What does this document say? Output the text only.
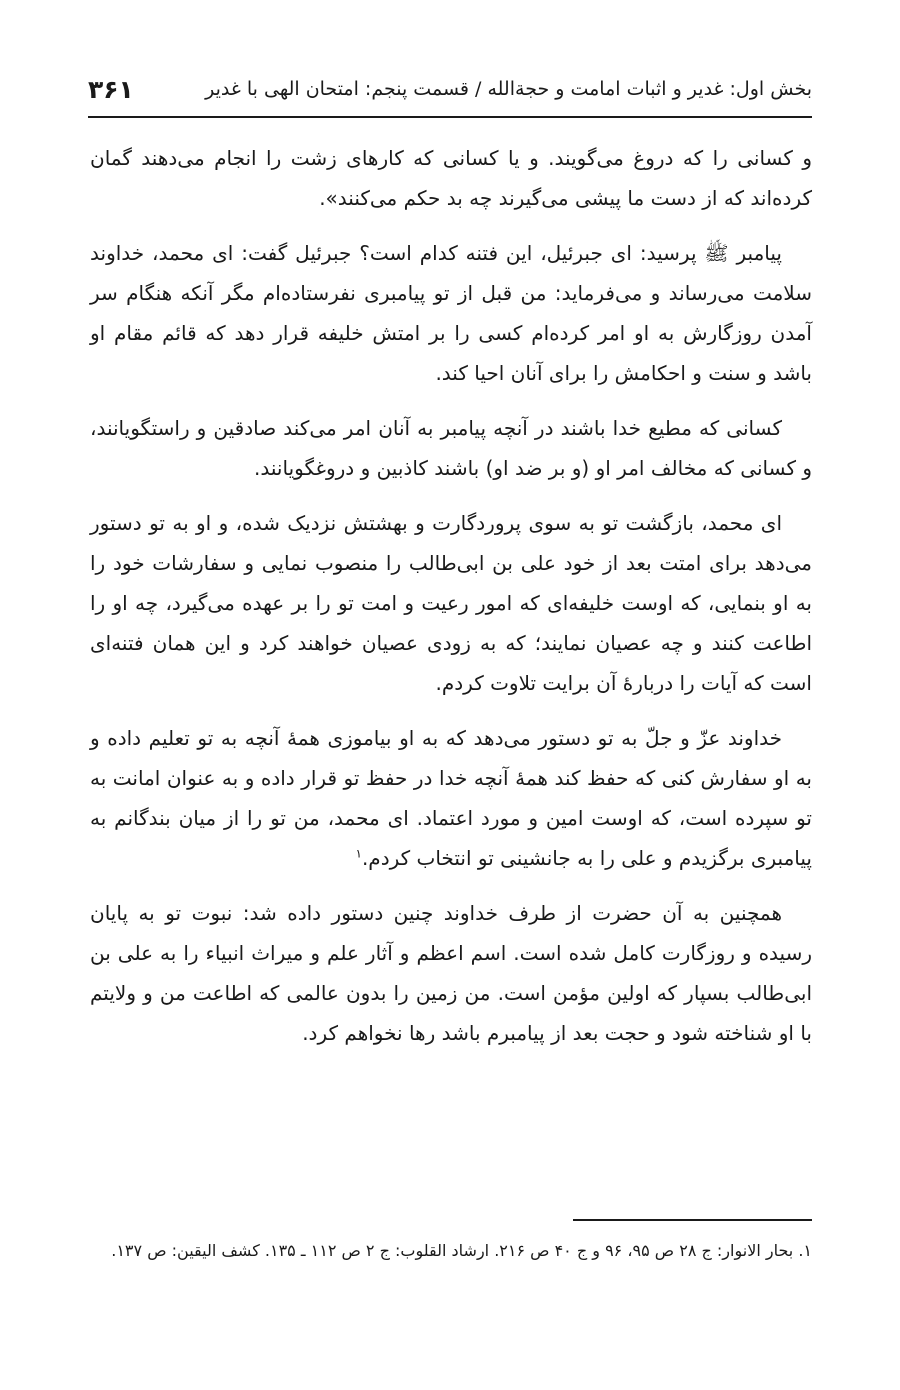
بخش اول: غدیر و اثبات امامت و حجةالله / قسمت پنجم: امتحان الهی با غدیر
۳۶۱

و کسانی را که دروغ می‌گویند. و یا کسانی که کارهای زشت را انجام می‌دهند گمان کرده‌اند که از دست ما پیشی می‌گیرند چه بد حکم می‌کنند».

پیامبر ﷺ پرسید: ای جبرئیل، این فتنه کدام است؟ جبرئیل گفت: ای محمد، خداوند سلامت می‌رساند و می‌فرماید: من قبل از تو پیامبری نفرستاده‌ام مگر آنکه هنگام سر آمدن روزگارش به او امر کرده‌ام کسی را بر امتش خلیفه قرار دهد که قائم مقام او باشد و سنت و احکامش را برای آنان احیا کند.

کسانی که مطیع خدا باشند در آنچه پیامبر به آنان امر می‌کند صادقین و راستگویانند، و کسانی که مخالف امر او (و بر ضد او) باشند کاذبین و دروغگویانند.

ای محمد، بازگشت تو به سوی پروردگارت و بهشتش نزدیک شده، و او به تو دستور می‌دهد برای امتت بعد از خود علی بن ابی‌طالب را منصوب نمایی و سفارشات خود را به او بنمایی، که اوست خلیفه‌ای که امور رعیت و امت تو را بر عهده می‌گیرد، چه او را اطاعت کنند و چه عصیان نمایند؛ که به زودی عصیان خواهند کرد و این همان فتنه‌ای است که آیات را دربارهٔ آن برایت تلاوت کردم.

خداوند عزّ و جلّ به تو دستور می‌دهد که به او بیاموزی همهٔ آنچه به تو تعلیم داده و به او سفارش کنی که حفظ کند همهٔ آنچه خدا در حفظ تو قرار داده و به عنوان امانت به تو سپرده است، که اوست امین و مورد اعتماد. ای محمد، من تو را از میان بندگانم به پیامبری برگزیدم و علی را به جانشینی تو انتخاب کردم.$^۱$

همچنین به آن حضرت از طرف خداوند چنین دستور داده شد: نبوت تو به پایان رسیده و روزگارت کامل شده است. اسم اعظم و آثار علم و میراث انبیاء را به علی بن ابی‌طالب بسپار که اولین مؤمن است. من زمین را بدون عالمی که اطاعت من و ولایتم با او شناخته شود و حجت بعد از پیامبرم باشد رها نخواهم کرد.

۱. بحار الانوار: ج ۲۸ ص ۹۵، ۹۶ و ج ۴۰ ص ۲۱۶. ارشاد القلوب: ج ۲ ص ۱۱۲ ـ ۱۳۵. کشف الیقین: ص ۱۳۷.
